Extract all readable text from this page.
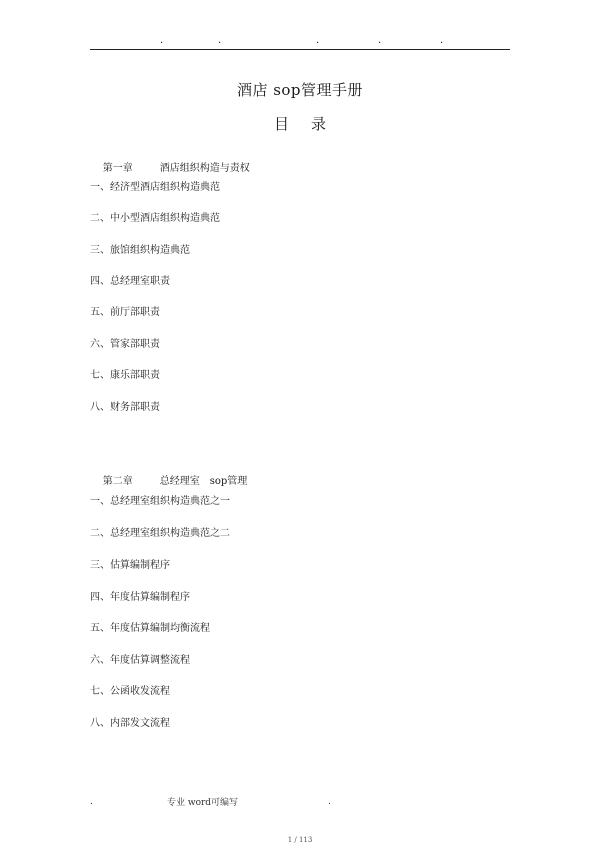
·	·	·	·	·
酒店 sop管理手册
目录

第一章	酒店组织构造与责权

一、经济型酒店组织构造典范
二、中小型酒店组织构造典范
三、旅馆组织构造典范
四、总经理室职责
五、前厅部职责
六、管家部职责
七、康乐部职责
八、财务部职责

第二章	总经理室　sop管理

一、总经理室组织构造典范之一
二、总经理室组织构造典范之二
三、估算编制程序
四、年度估算编制程序
五、年度估算编制均衡流程
六、年度估算调整流程
七、公函收发流程
八、内部发文流程
.	专业 word可编写	.
1 / 113
